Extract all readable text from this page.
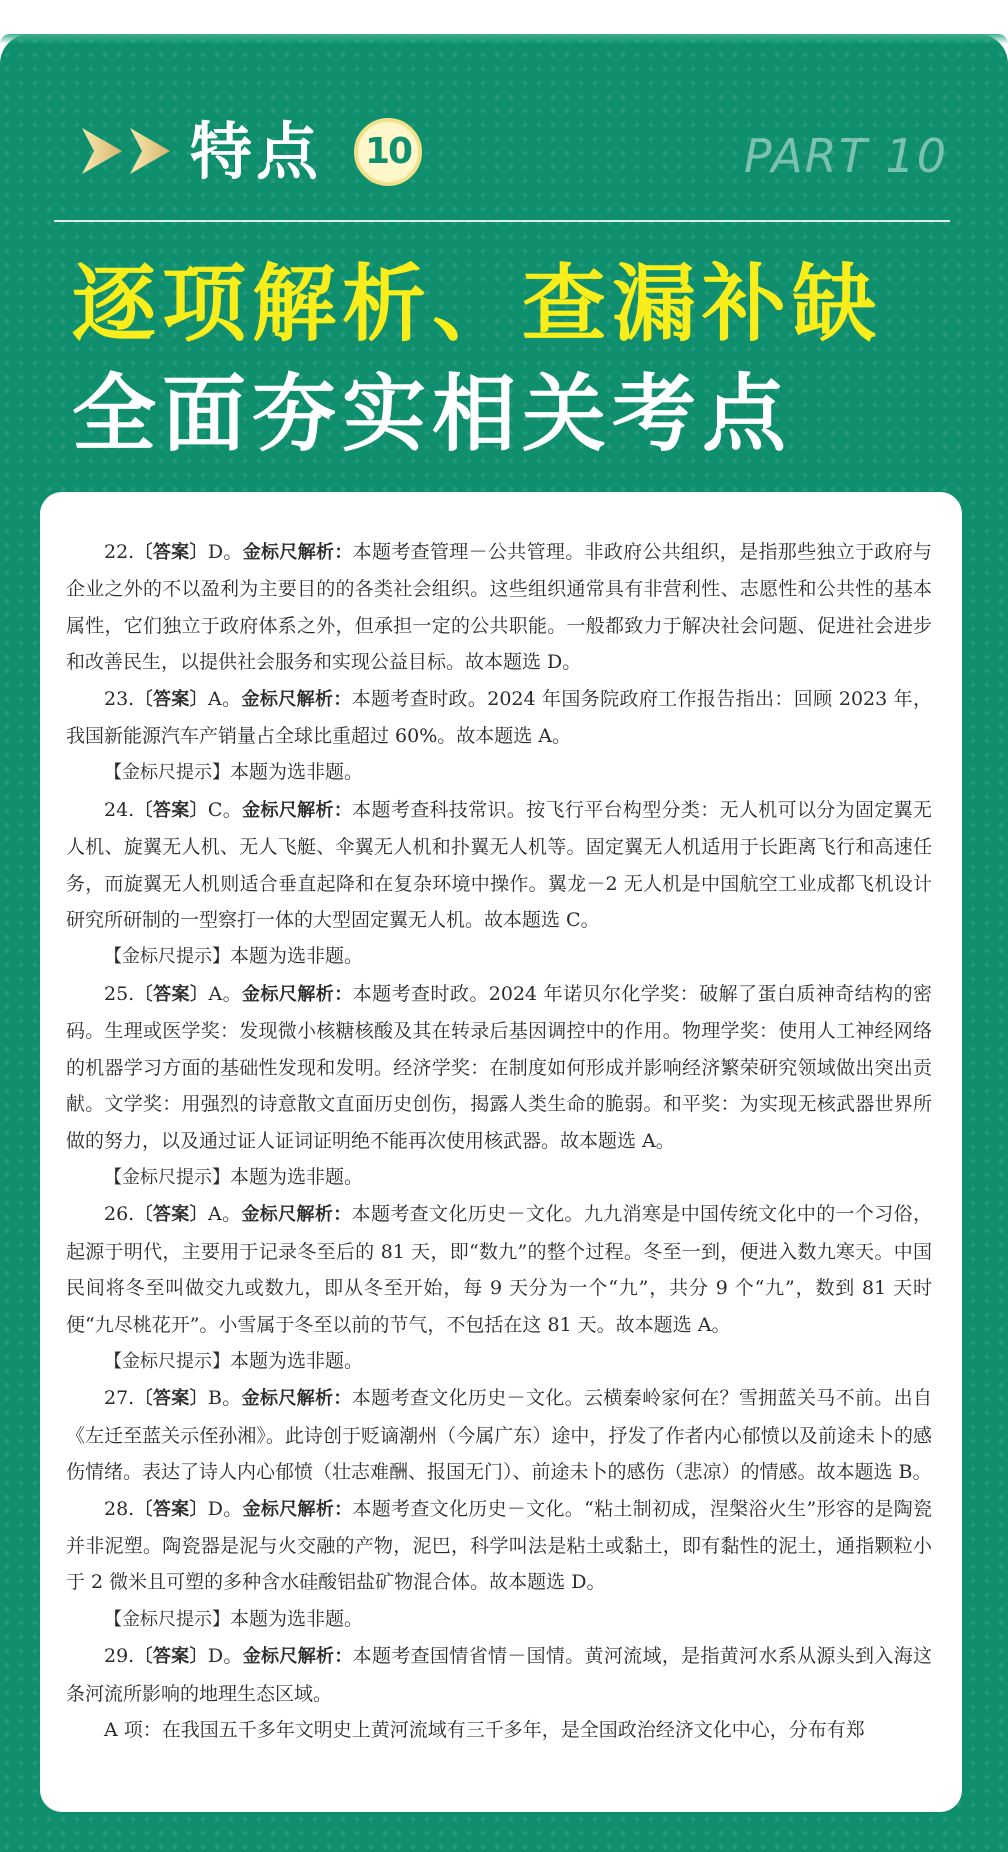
特点	10	PART 10
逐项解析、查漏补缺
全面夯实相关考点

22.〔答案〕D。金标尺解析：本题考查管理－公共管理。非政府公共组织，是指那些独立于政府与企业之外的不以盈利为主要目的的各类社会组织。这些组织通常具有非营利性、志愿性和公共性的基本属性，它们独立于政府体系之外，但承担一定的公共职能。一般都致力于解决社会问题、促进社会进步和改善民生，以提供社会服务和实现公益目标。故本题选 D。

23.〔答案〕A。金标尺解析：本题考查时政。2024 年国务院政府工作报告指出：回顾 2023 年，我国新能源汽车产销量占全球比重超过 60%。故本题选 A。

【金标尺提示】本题为选非题。

24.〔答案〕C。金标尺解析：本题考查科技常识。按飞行平台构型分类：无人机可以分为固定翼无人机、旋翼无人机、无人飞艇、伞翼无人机和扑翼无人机等。固定翼无人机适用于长距离飞行和高速任务，而旋翼无人机则适合垂直起降和在复杂环境中操作。翼龙－2 无人机是中国航空工业成都飞机设计研究所研制的一型察打一体的大型固定翼无人机。故本题选 C。

【金标尺提示】本题为选非题。

25.〔答案〕A。金标尺解析：本题考查时政。2024 年诺贝尔化学奖：破解了蛋白质神奇结构的密码。生理或医学奖：发现微小核糖核酸及其在转录后基因调控中的作用。物理学奖：使用人工神经网络的机器学习方面的基础性发现和发明。经济学奖：在制度如何形成并影响经济繁荣研究领域做出突出贡献。文学奖：用强烈的诗意散文直面历史创伤，揭露人类生命的脆弱。和平奖：为实现无核武器世界所做的努力，以及通过证人证词证明绝不能再次使用核武器。故本题选 A。

【金标尺提示】本题为选非题。

26.〔答案〕A。金标尺解析：本题考查文化历史－文化。九九消寒是中国传统文化中的一个习俗，起源于明代，主要用于记录冬至后的 81 天，即“数九”的整个过程。冬至一到，便进入数九寒天。中国民间将冬至叫做交九或数九，即从冬至开始，每 9 天分为一个“九”，共分 9 个“九”，数到 81 天时便“九尽桃花开”。小雪属于冬至以前的节气，不包括在这 81 天。故本题选 A。

【金标尺提示】本题为选非题。

27.〔答案〕B。金标尺解析：本题考查文化历史－文化。云横秦岭家何在？雪拥蓝关马不前。出自《左迁至蓝关示侄孙湘》。此诗创于贬谪潮州（今属广东）途中，抒发了作者内心郁愤以及前途未卜的感伤情绪。表达了诗人内心郁愤（壮志难酬、报国无门）、前途未卜的感伤（悲凉）的情感。故本题选 B。

28.〔答案〕D。金标尺解析：本题考查文化历史－文化。“粘土制初成，涅槃浴火生”形容的是陶瓷并非泥塑。陶瓷器是泥与火交融的产物，泥巴，科学叫法是粘土或黏土，即有黏性的泥土，通指颗粒小于 2 微米且可塑的多种含水硅酸铝盐矿物混合体。故本题选 D。

【金标尺提示】本题为选非题。

29.〔答案〕D。金标尺解析：本题考查国情省情－国情。黄河流域，是指黄河水系从源头到入海这条河流所影响的地理生态区域。

A 项：在我国五千多年文明史上黄河流域有三千多年，是全国政治经济文化中心，分布有郑
